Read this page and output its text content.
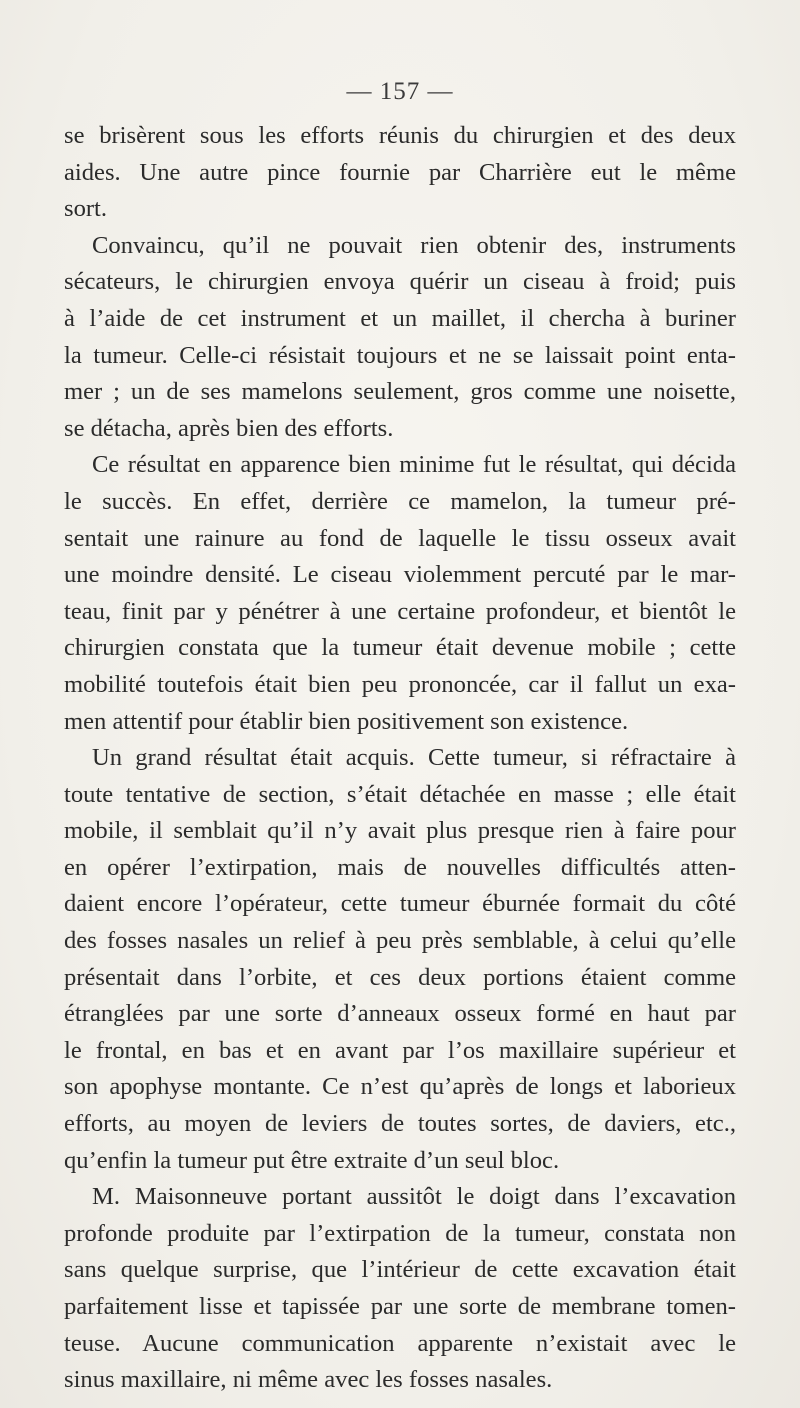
— 157 —
se brisèrent sous les efforts réunis du chirurgien et des deux
aides. Une autre pince fournie par Charrière eut le même
sort.
Convaincu, qu’il ne pouvait rien obtenir des, instruments
sécateurs, le chirurgien envoya quérir un ciseau à froid; puis
à l’aide de cet instrument et un maillet, il chercha à buriner
la tumeur. Celle-ci résistait toujours et ne se laissait point enta-
mer ; un de ses mamelons seulement, gros comme une noisette,
se détacha, après bien des efforts.
Ce résultat en apparence bien minime fut le résultat, qui décida
le succès. En effet, derrière ce mamelon, la tumeur pré-
sentait une rainure au fond de laquelle le tissu osseux avait
une moindre densité. Le ciseau violemment percuté par le mar-
teau, finit par y pénétrer à une certaine profondeur, et bientôt le
chirurgien constata que la tumeur était devenue mobile ; cette
mobilité toutefois était bien peu prononcée, car il fallut un exa-
men attentif pour établir bien positivement son existence.
Un grand résultat était acquis. Cette tumeur, si réfractaire à
toute tentative de section, s’était détachée en masse ; elle était
mobile, il semblait qu’il n’y avait plus presque rien à faire pour
en opérer l’extirpation, mais de nouvelles difficultés atten-
daient encore l’opérateur, cette tumeur éburnée formait du côté
des fosses nasales un relief à peu près semblable, à celui qu’elle
présentait dans l’orbite, et ces deux portions étaient comme
étranglées par une sorte d’anneaux osseux formé en haut par
le frontal, en bas et en avant par l’os maxillaire supérieur et
son apophyse montante. Ce n’est qu’après de longs et laborieux
efforts, au moyen de leviers de toutes sortes, de daviers, etc.,
qu’enfin la tumeur put être extraite d’un seul bloc.
M. Maisonneuve portant aussitôt le doigt dans l’excavation
profonde produite par l’extirpation de la tumeur, constata non
sans quelque surprise, que l’intérieur de cette excavation était
parfaitement lisse et tapissée par une sorte de membrane tomen-
teuse. Aucune communication apparente n’existait avec le
sinus maxillaire, ni même avec les fosses nasales.
